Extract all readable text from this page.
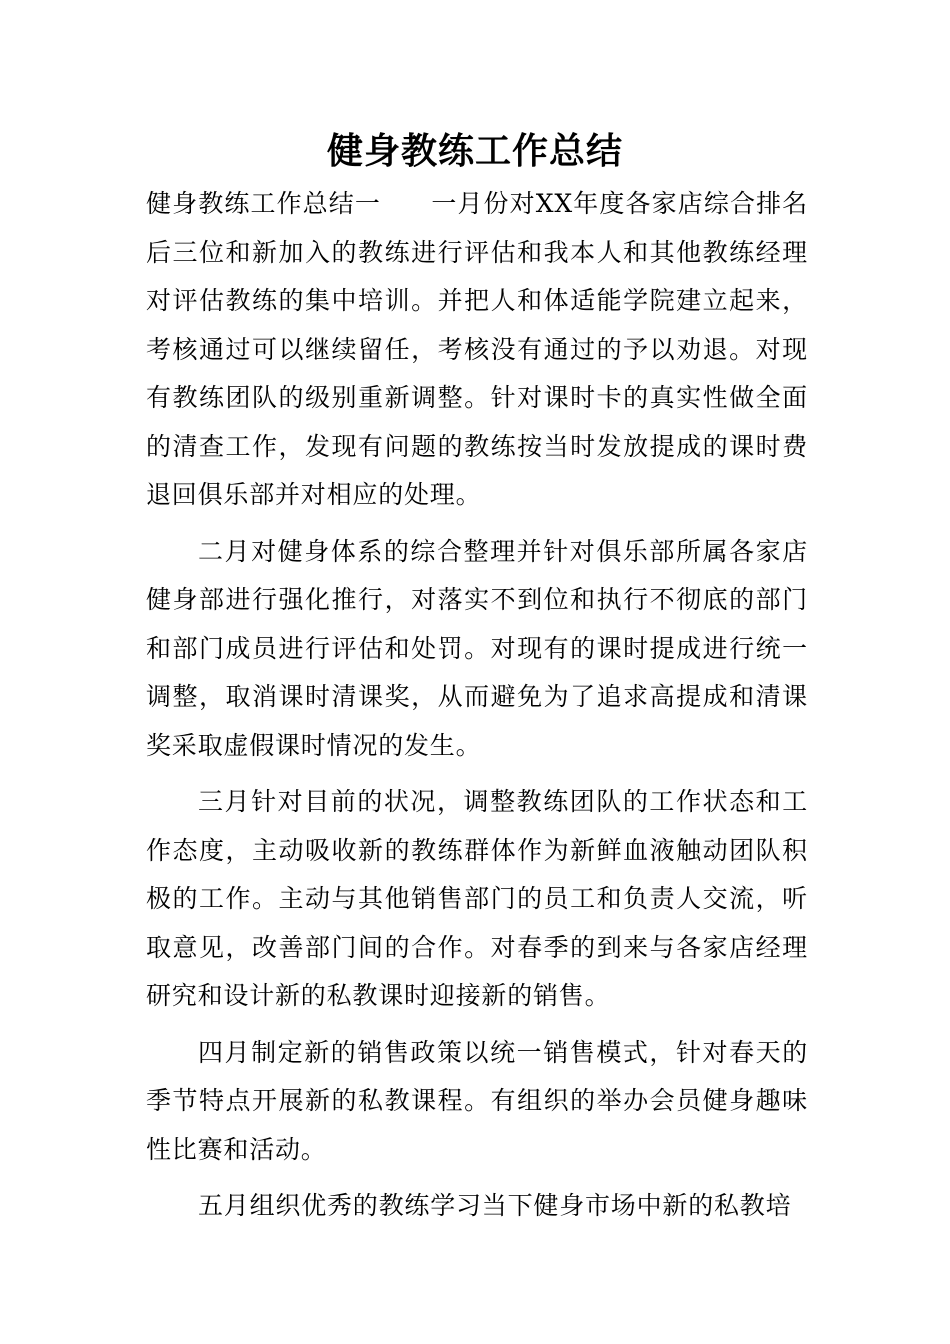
健身教练工作总结

健身教练工作总结一 一月份对XX年度各家店综合排名后三位和新加入的教练进行评估和我本人和其他教练经理对评估教练的集中培训。并把人和体适能学院建立起来，考核通过可以继续留任，考核没有通过的予以劝退。对现有教练团队的级别重新调整。针对课时卡的真实性做全面的清查工作，发现有问题的教练按当时发放提成的课时费退回俱乐部并对相应的处理。

二月对健身体系的综合整理并针对俱乐部所属各家店健身部进行强化推行，对落实不到位和执行不彻底的部门和部门成员进行评估和处罚。对现有的课时提成进行统一调整，取消课时清课奖，从而避免为了追求高提成和清课奖采取虚假课时情况的发生。

三月针对目前的状况，调整教练团队的工作状态和工作态度，主动吸收新的教练群体作为新鲜血液触动团队积极的工作。主动与其他销售部门的员工和负责人交流，听取意见，改善部门间的合作。对春季的到来与各家店经理研究和设计新的私教课时迎接新的销售。

四月制定新的销售政策以统一销售模式，针对春天的季节特点开展新的私教课程。有组织的举办会员健身趣味性比赛和活动。

五月组织优秀的教练学习当下健身市场中新的私教培
